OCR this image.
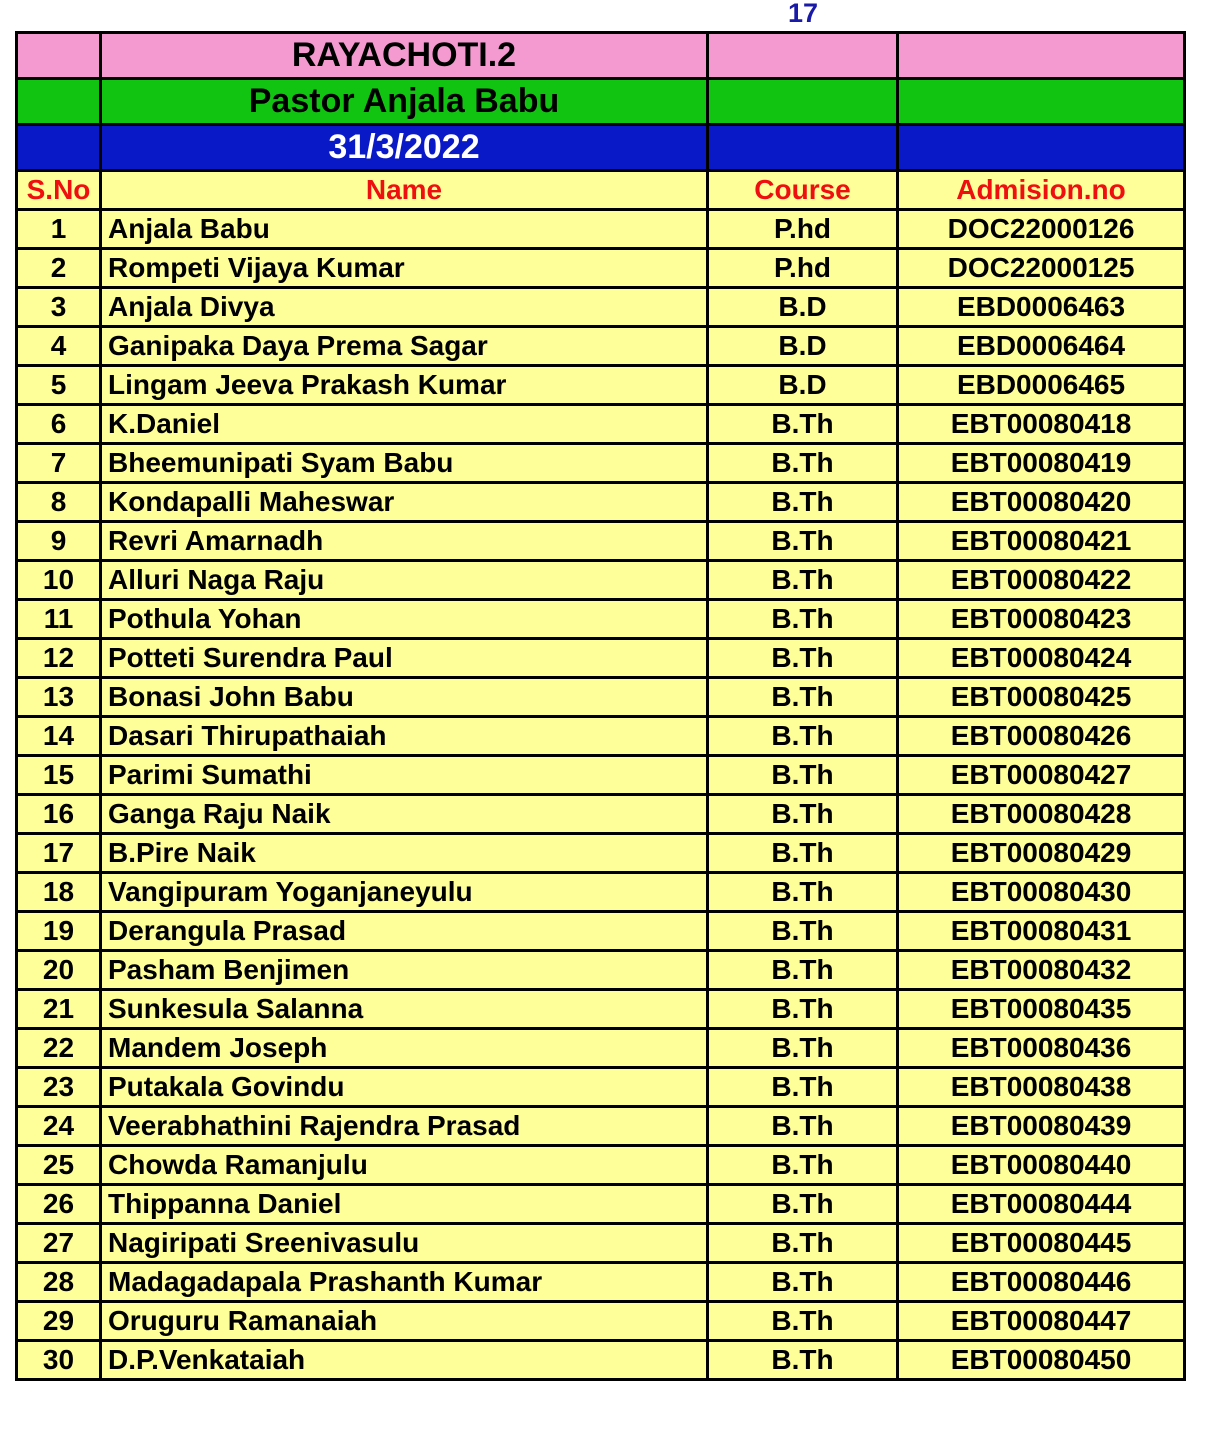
17
	RAYACHOTI.2		
	Pastor Anjala Babu		
	31/3/2022		
S.No	Name	Course	Admision.no
1	Anjala Babu	P.hd	DOC22000126
2	Rompeti Vijaya Kumar	P.hd	DOC22000125
3	Anjala Divya	B.D	EBD0006463
4	Ganipaka Daya Prema Sagar	B.D	EBD0006464
5	Lingam Jeeva Prakash Kumar	B.D	EBD0006465
6	K.Daniel	B.Th	EBT00080418
7	Bheemunipati Syam Babu	B.Th	EBT00080419
8	Kondapalli Maheswar	B.Th	EBT00080420
9	Revri Amarnadh	B.Th	EBT00080421
10	Alluri Naga Raju	B.Th	EBT00080422
11	Pothula Yohan	B.Th	EBT00080423
12	Potteti Surendra Paul	B.Th	EBT00080424
13	Bonasi John Babu	B.Th	EBT00080425
14	Dasari Thirupathaiah	B.Th	EBT00080426
15	Parimi Sumathi	B.Th	EBT00080427
16	Ganga Raju Naik	B.Th	EBT00080428
17	B.Pire Naik	B.Th	EBT00080429
18	Vangipuram Yoganjaneyulu	B.Th	EBT00080430
19	Derangula Prasad	B.Th	EBT00080431
20	Pasham Benjimen	B.Th	EBT00080432
21	Sunkesula Salanna	B.Th	EBT00080435
22	Mandem Joseph	B.Th	EBT00080436
23	Putakala Govindu	B.Th	EBT00080438
24	Veerabhathini Rajendra Prasad	B.Th	EBT00080439
25	Chowda Ramanjulu	B.Th	EBT00080440
26	Thippanna Daniel	B.Th	EBT00080444
27	Nagiripati Sreenivasulu	B.Th	EBT00080445
28	Madagadapala Prashanth Kumar	B.Th	EBT00080446
29	Oruguru Ramanaiah	B.Th	EBT00080447
30	D.P.Venkataiah	B.Th	EBT00080450
